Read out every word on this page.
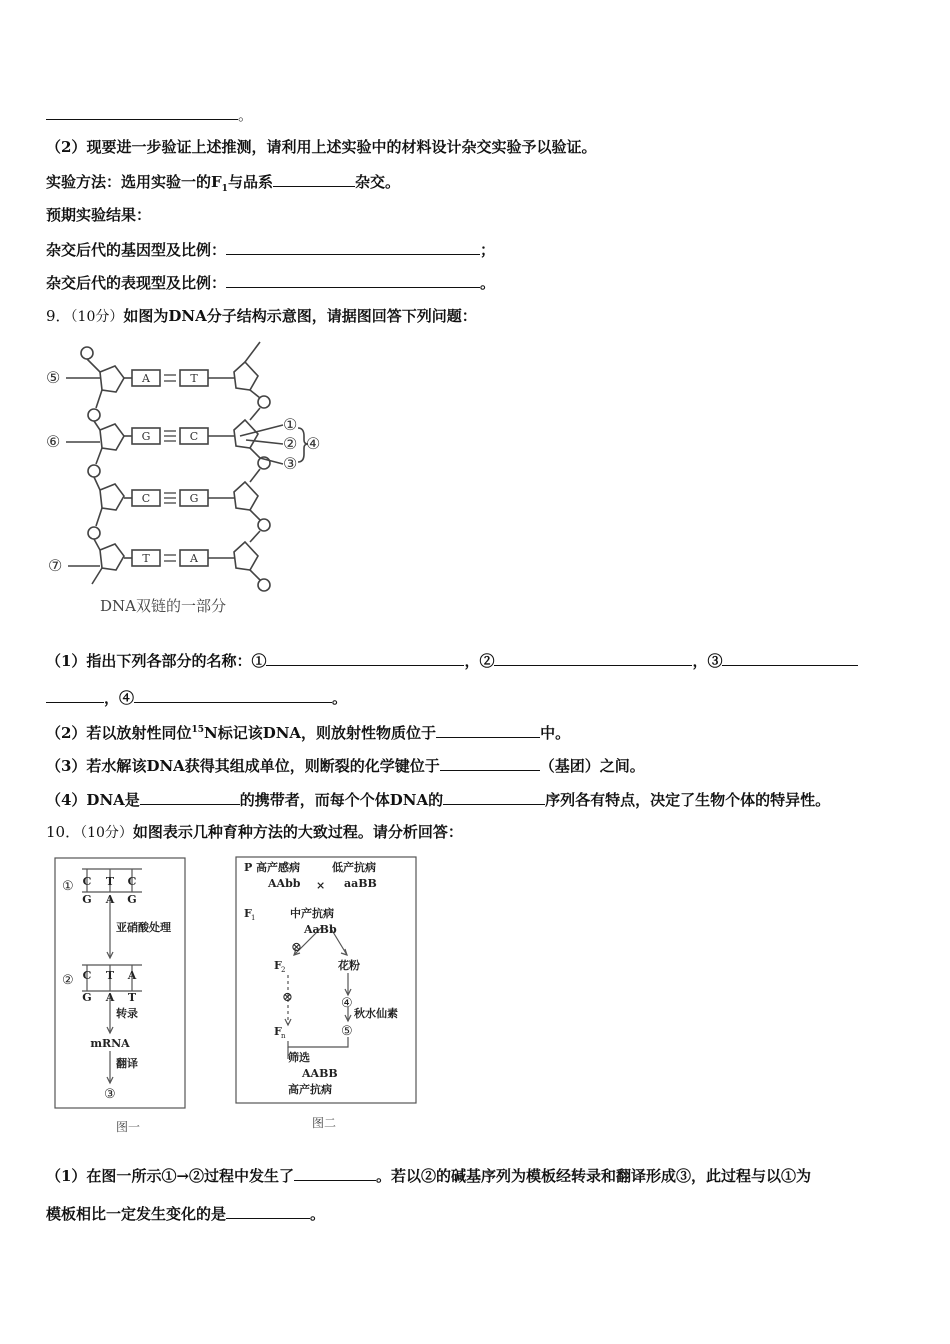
。
（2）现要进一步验证上述推测，请利用上述实验中的材料设计杂交实验予以验证。
实验方法：选用实验一的$F_1$与品系	杂交。
预期实验结果：
杂交后代的基因型及比例：	；
杂交后代的表现型及比例：	。
9．（10分）如图为DNA分子结构示意图，请据图回答下列问题：
A	T
G	C
C	G
T	A
⑤
⑥
⑦
①
②
③
④
DNA双链的一部分
（1）指出下列各部分的名称：①	，②	，③
，④	。
（2）若以放射性同位$^{15}$N标记该DNA，则放射性物质位于	中。
（3）若水解该DNA获得其组成单位，则断裂的化学键位于	（基团）之间。
（4）DNA是	的携带者，而每个个体DNA的	序列各有特点，决定了生物个体的特异性。
10．（10分）如图表示几种育种方法的大致过程。请分析回答：
C T C
G A G
C T A
G A T
mRNA
①
②
③
亚硝酸处理
转录
翻译
图一
P 高产感病	低产抗病
AAbb × aaBB
F	中产抗病
AaBb
F	花粉
秋水仙素
F
筛选
AABB
高产抗病
1
2
n
⊗
⊗	④
⑤
图二
（1）在图一所示①→②过程中发生了	。若以②的碱基序列为模板经转录和翻译形成③，此过程与以①为
模板相比一定发生变化的是	。
